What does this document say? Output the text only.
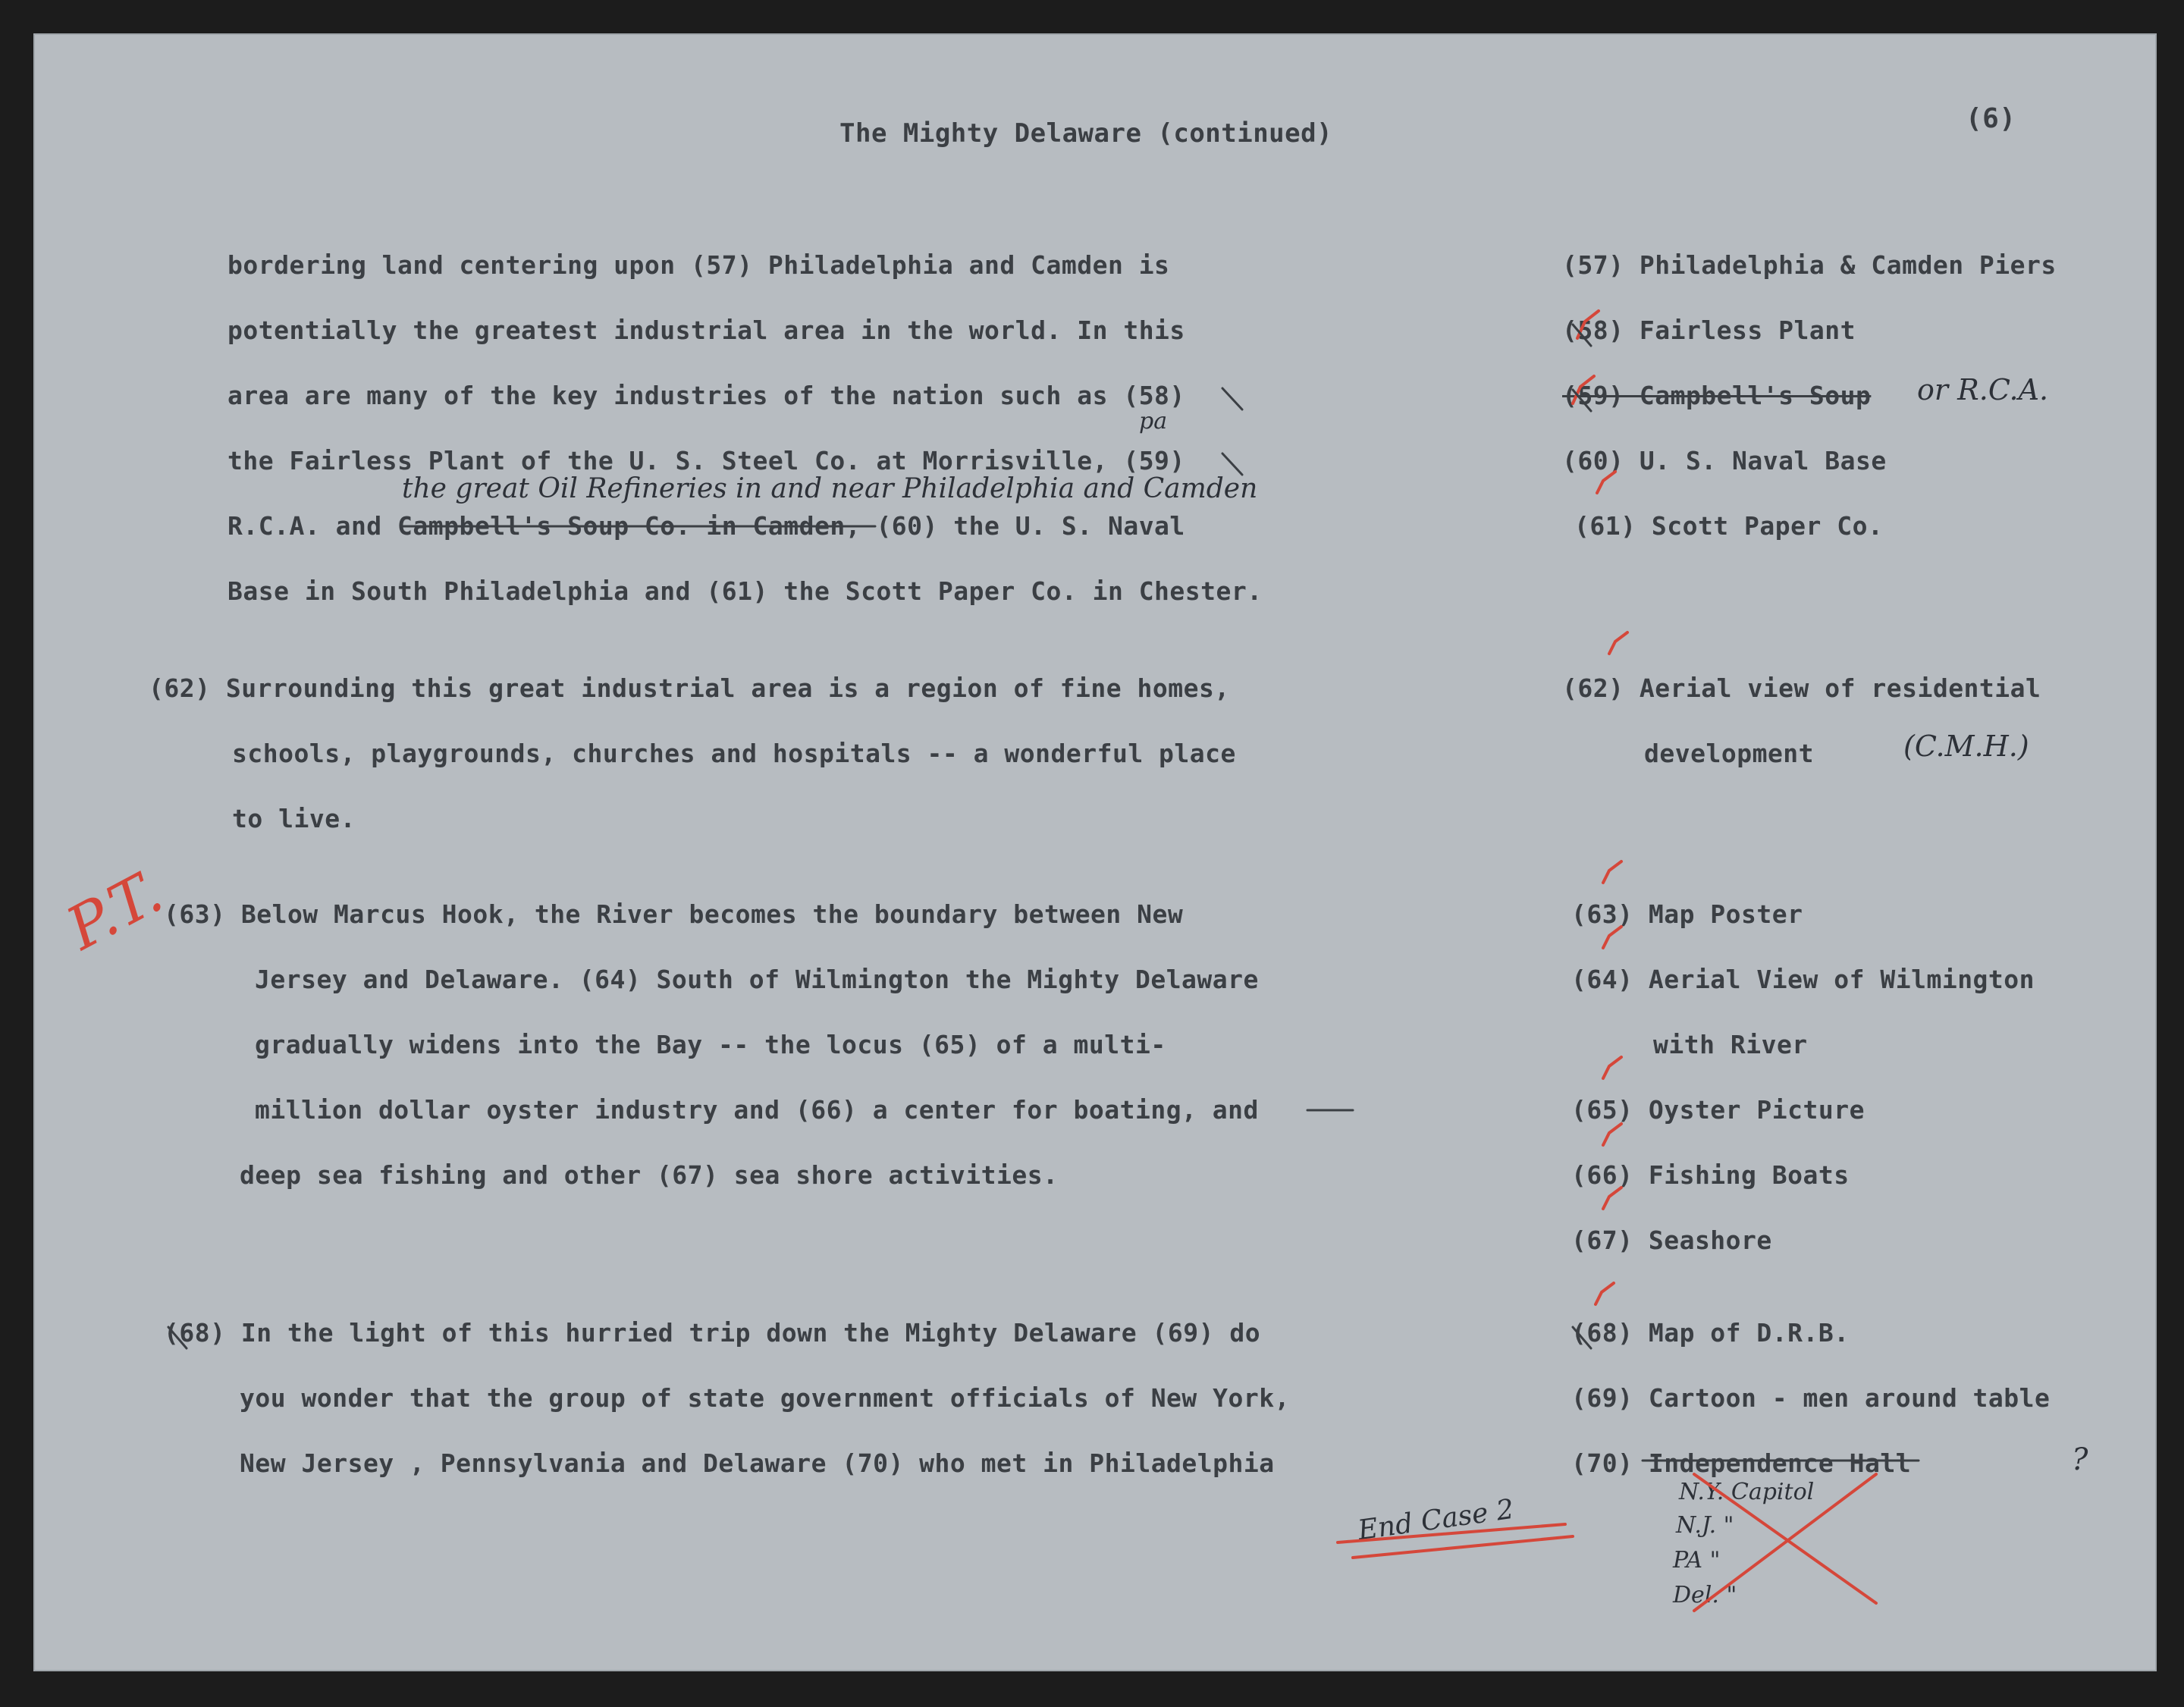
The Mighty Delaware (continued)	(6)
bordering land centering upon (57) Philadelphia and Camden is
potentially the greatest industrial area in the world. In this
area are many of the key industries of the nation such as (58)
the Fairless Plant of the U. S. Steel Co. at Morrisville, (59)
R.C.A. and Campbell's Soup Co. in Camden, (60) the U. S. Naval
Base in South Philadelphia and (61) the Scott Paper Co. in Chester.
the great Oil Refineries in and near Philadelphia and Camden
pa
(62) Surrounding this great industrial area is a region of fine homes,
schools, playgrounds, churches and hospitals -- a wonderful place
to live.
P.T.
(63) Below Marcus Hook, the River becomes the boundary between New
Jersey and Delaware. (64) South of Wilmington the Mighty Delaware
gradually widens into the Bay -- the locus (65) of a multi-
million dollar oyster industry and (66) a center for boating, and
deep sea fishing and other (67) sea shore activities.
(68) In the light of this hurried trip down the Mighty Delaware (69) do
you wonder that the group of state government officials of New York,
New Jersey , Pennsylvania and Delaware (70) who met in Philadelphia
(57) Philadelphia & Camden Piers
(58) Fairless Plant
(59) Campbell's Soup or R.C.A.
(60) U. S. Naval Base
(61) Scott Paper Co.
(62) Aerial view of residential
development	(C.M.H.)
(63) Map Poster
(64) Aerial View of Wilmington
with River
(65) Oyster Picture
(66) Fishing Boats
(67) Seashore
(68) Map of D.R.B.
(69) Cartoon - men around table
(70) Independence Hall	?
N.Y. Capitol
N.J. "
PA "
Del. "
End Case 2
